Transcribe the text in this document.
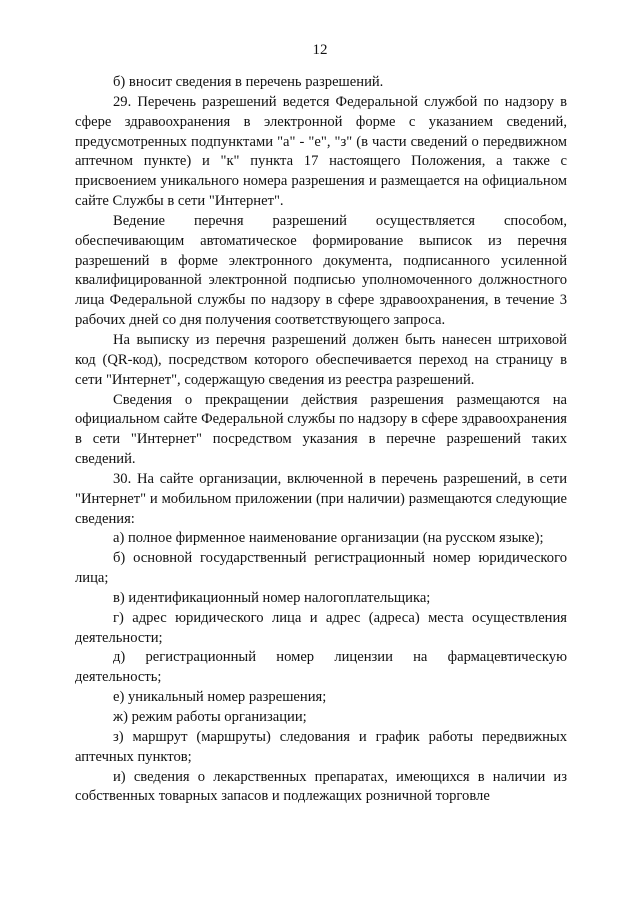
12

б) вносит сведения в перечень разрешений.

29. Перечень разрешений ведется Федеральной службой по надзору в сфере здравоохранения в электронной форме с указанием сведений, предусмотренных подпунктами "а" - "е", "з" (в части сведений о передвижном аптечном пункте) и "к" пункта 17 настоящего Положения, а также с присвоением уникального номера разрешения и размещается на официальном сайте Службы в сети "Интернет".

Ведение перечня разрешений осуществляется способом, обеспечивающим автоматическое формирование выписок из перечня разрешений в форме электронного документа, подписанного усиленной квалифицированной электронной подписью уполномоченного должностного лица Федеральной службы по надзору в сфере здравоохранения, в течение 3 рабочих дней со дня получения соответствующего запроса.

На выписку из перечня разрешений должен быть нанесен штриховой код (QR-код), посредством которого обеспечивается переход на страницу в сети "Интернет", содержащую сведения из реестра разрешений.

Сведения о прекращении действия разрешения размещаются на официальном сайте Федеральной службы по надзору в сфере здравоохранения в сети "Интернет" посредством указания в перечне разрешений таких сведений.

30. На сайте организации, включенной в перечень разрешений, в сети "Интернет" и мобильном приложении (при наличии) размещаются следующие сведения:

а) полное фирменное наименование организации (на русском языке);

б) основной государственный регистрационный номер юридического лица;

в) идентификационный номер налогоплательщика;

г) адрес юридического лица и адрес (адреса) места осуществления деятельности;

д) регистрационный номер лицензии на фармацевтическую деятельность;

е) уникальный номер разрешения;

ж) режим работы организации;

з) маршрут (маршруты) следования и график работы передвижных аптечных пунктов;

и) сведения о лекарственных препаратах, имеющихся в наличии из собственных товарных запасов и подлежащих розничной торговле
